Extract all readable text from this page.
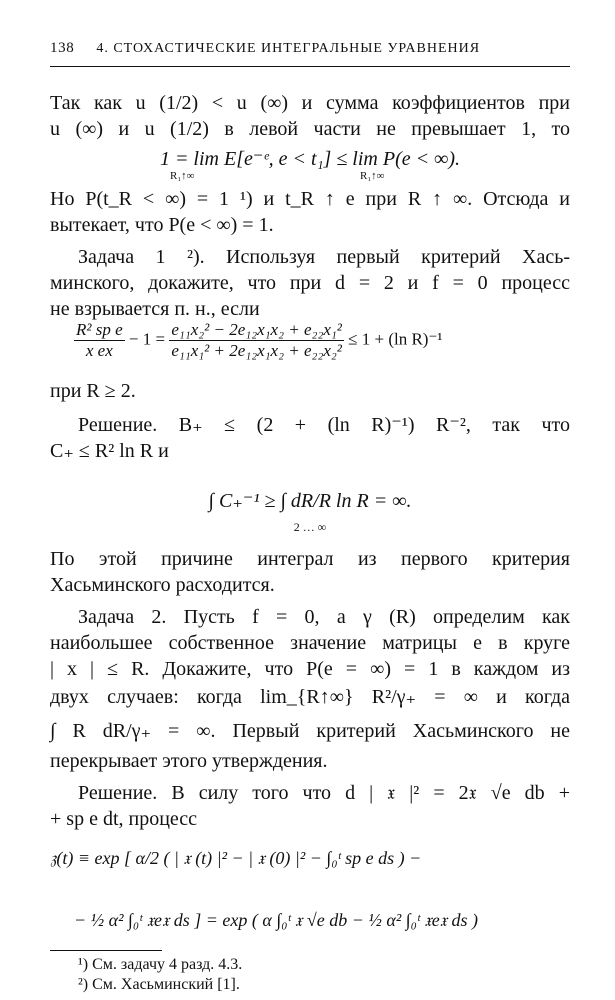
138 4. СТОХАСТИЧЕСКИЕ ИНТЕГРАЛЬНЫЕ УРАВНЕНИЯ
Так как u (1/2) < u (∞) и сумма коэффициентов при
u (∞) и u (1/2) в левой части не превышает 1, то
1 = lim E[e⁻ᵉ, e < t₁] ≤ lim P(e < ∞).
R₁↑∞	R₁↑∞
Но P(t_R < ∞) = 1 ¹) и t_R ↑ e при R ↑ ∞. Отсюда и
вытекает, что P(e < ∞) = 1.
Задача 1 ²). Используя первый критерий Хась-
минского, докажите, что при d = 2 и f = 0 процесс
не взрывается п. н., если
$\frac{\text{R² sp e}}{\text{x ex}} - 1 = \frac{\text{e₁₁x₂² − 2e₁₂x₁x₂ + e₂₂x₁²}}{\text{e₁₁x₁² + 2e₁₂x₁x₂ + e₂₂x₂²}} \le 1 + (\ln$ R)⁻¹
при R ≥ 2.
Решение. B₊ ≤ (2 + (ln R)⁻¹) R⁻², так что
C₊ ≤ R² ln R и
∫ C₊⁻¹ ≥ ∫ dR/R ln R = ∞.
2 … ∞
По этой причине интеграл из первого критерия
Хасьминского расходится.
Задача 2. Пусть f = 0, а γ (R) определим как
наибольшее собственное значение матрицы e в круге
| x | ≤ R. Докажите, что P(e = ∞) = 1 в каждом из
двух случаев: когда lim_{R↑∞} R²/γ₊ = ∞ и когда
∫ R dR/γ₊ = ∞. Первый критерий Хасьминского не
перекрывает этого утверждения.
Решение. В силу того что d | 𝔵 |² = 2𝔵 √e db +
+ sp e dt, процесс
𝔷(t) ≡ exp [ α/2 ( | 𝔵 (t) |² − | 𝔵 (0) |² − ∫₀ᵗ sp e ds ) −
− ½ α² ∫₀ᵗ 𝔵e𝔵 ds ] = exp ( α ∫₀ᵗ 𝔵 √e db − ½ α² ∫₀ᵗ 𝔵e𝔵 ds )
¹) См. задачу 4 разд. 4.3.
²) См. Хасьминский [1].
